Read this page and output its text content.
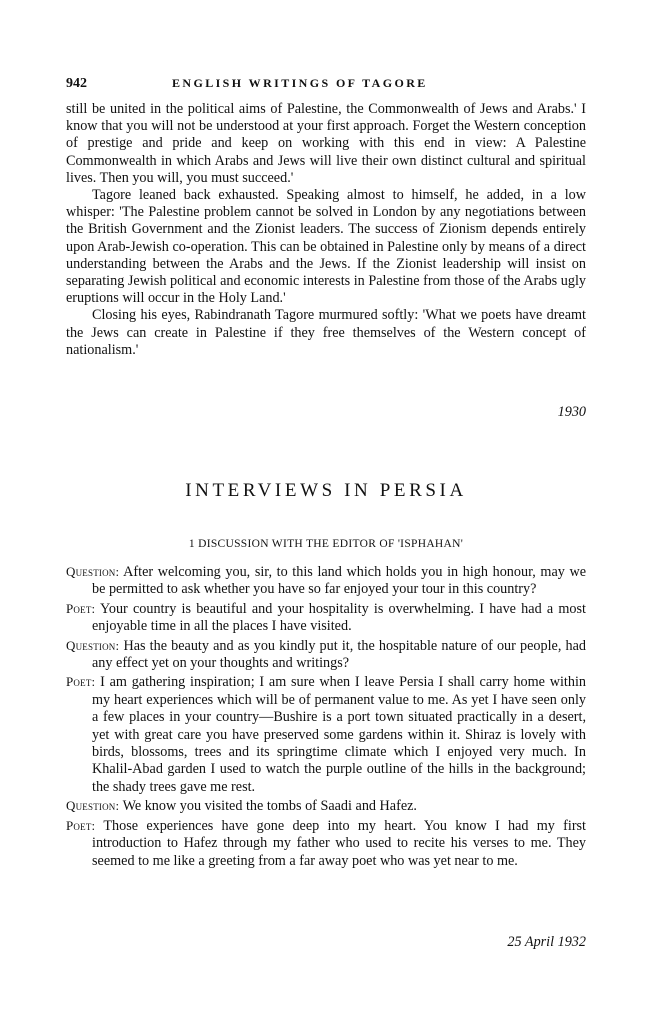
942	ENGLISH WRITINGS OF TAGORE

still be united in the political aims of Palestine, the Commonwealth of Jews and Arabs.' I know that you will not be understood at your first approach. Forget the Western conception of prestige and pride and keep on working with this end in view: A Palestine Commonwealth in which Arabs and Jews will live their own distinct cultural and spiritual lives. Then you will, you must succeed.'

Tagore leaned back exhausted. Speaking almost to himself, he added, in a low whisper: 'The Palestine problem cannot be solved in London by any negotiations between the British Government and the Zionist leaders. The success of Zionism depends entirely upon Arab-Jewish co-operation. This can be obtained in Palestine only by means of a direct understanding between the Arabs and the Jews. If the Zionist leadership will insist on separating Jewish political and economic interests in Palestine from those of the Arabs ugly eruptions will occur in the Holy Land.'

Closing his eyes, Rabindranath Tagore murmured softly: 'What we poets have dreamt the Jews can create in Palestine if they free themselves of the Western concept of nationalism.'

1930
INTERVIEWS IN PERSIA
1 DISCUSSION WITH THE EDITOR OF 'ISPHAHAN'

Question: After welcoming you, sir, to this land which holds you in high honour, may we be permitted to ask whether you have so far enjoyed your tour in this country?

Poet: Your country is beautiful and your hospitality is overwhelming. I have had a most enjoyable time in all the places I have visited.

Question: Has the beauty and as you kindly put it, the hospitable nature of our people, had any effect yet on your thoughts and writings?

Poet: I am gathering inspiration; I am sure when I leave Persia I shall carry home within my heart experiences which will be of permanent value to me. As yet I have seen only a few places in your country—Bushire is a port town situated practically in a desert, yet with great care you have preserved some gardens within it. Shiraz is lovely with birds, blossoms, trees and its springtime climate which I enjoyed very much. In Khalil-Abad garden I used to watch the purple outline of the hills in the background; the shady trees gave me rest.

Question: We know you visited the tombs of Saadi and Hafez.

Poet: Those experiences have gone deep into my heart. You know I had my first introduction to Hafez through my father who used to recite his verses to me. They seemed to me like a greeting from a far away poet who was yet near to me.

25 April 1932
